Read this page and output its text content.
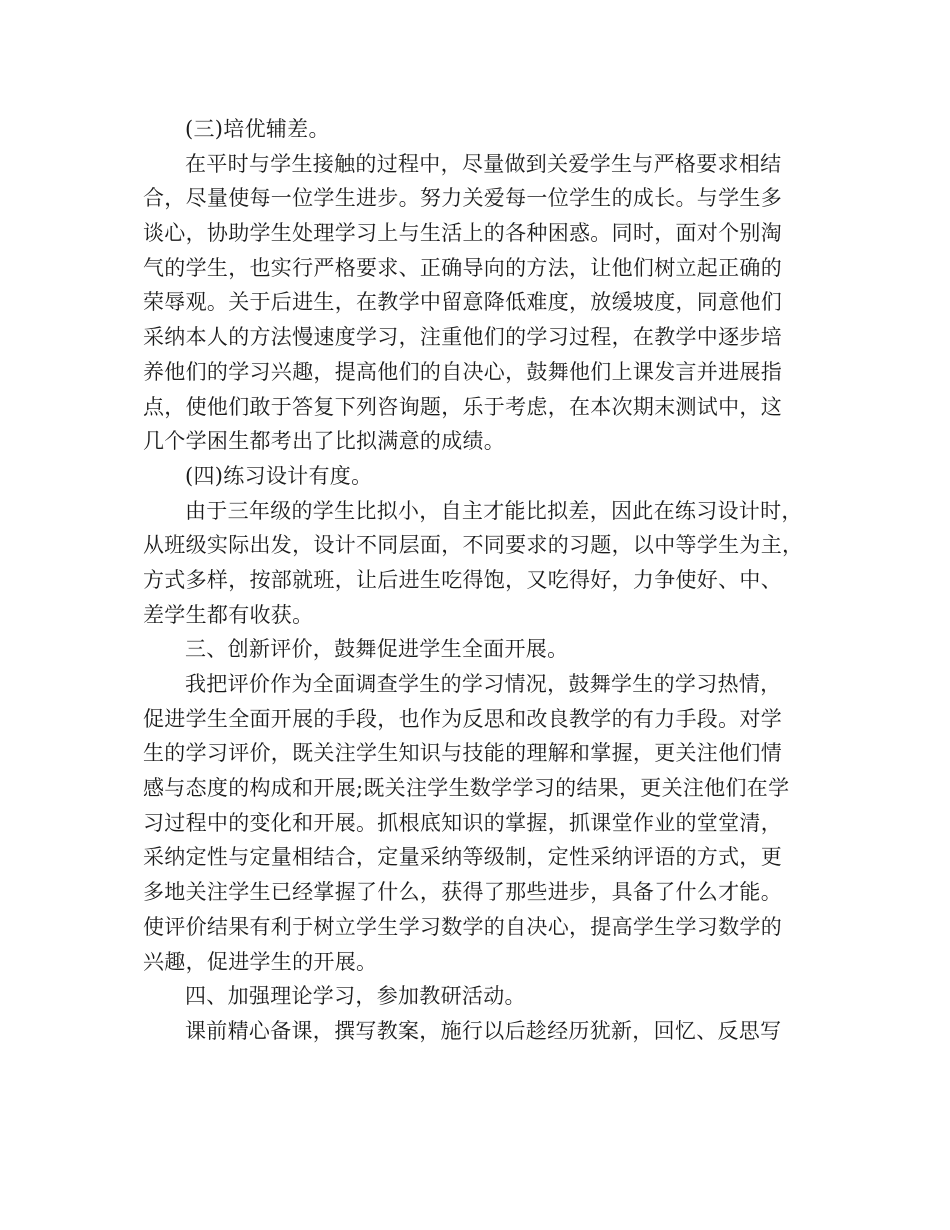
(三)培优辅差。
在平时与学生接触的过程中，尽量做到关爱学生与严格要求相结
合，尽量使每一位学生进步。努力关爱每一位学生的成长。与学生多
谈心，协助学生处理学习上与生活上的各种困惑。同时，面对个别淘
气的学生，也实行严格要求、正确导向的方法，让他们树立起正确的
荣辱观。关于后进生，在教学中留意降低难度，放缓坡度，同意他们
采纳本人的方法慢速度学习，注重他们的学习过程，在教学中逐步培
养他们的学习兴趣，提高他们的自决心，鼓舞他们上课发言并进展指
点，使他们敢于答复下列咨询题，乐于考虑，在本次期末测试中，这
几个学困生都考出了比拟满意的成绩。
(四)练习设计有度。
由于三年级的学生比拟小，自主才能比拟差，因此在练习设计时，
从班级实际出发，设计不同层面，不同要求的习题，以中等学生为主，
方式多样，按部就班，让后进生吃得饱，又吃得好，力争使好、中、
差学生都有收获。
三、创新评价，鼓舞促进学生全面开展。
我把评价作为全面调查学生的学习情况，鼓舞学生的学习热情，
促进学生全面开展的手段，也作为反思和改良教学的有力手段。对学
生的学习评价，既关注学生知识与技能的理解和掌握，更关注他们情
感与态度的构成和开展;既关注学生数学学习的结果，更关注他们在学
习过程中的变化和开展。抓根底知识的掌握，抓课堂作业的堂堂清，
采纳定性与定量相结合，定量采纳等级制，定性采纳评语的方式，更
多地关注学生已经掌握了什么，获得了那些进步，具备了什么才能。
使评价结果有利于树立学生学习数学的自决心，提高学生学习数学的
兴趣，促进学生的开展。
四、加强理论学习，参加教研活动。
课前精心备课，撰写教案，施行以后趁经历犹新，回忆、反思写
